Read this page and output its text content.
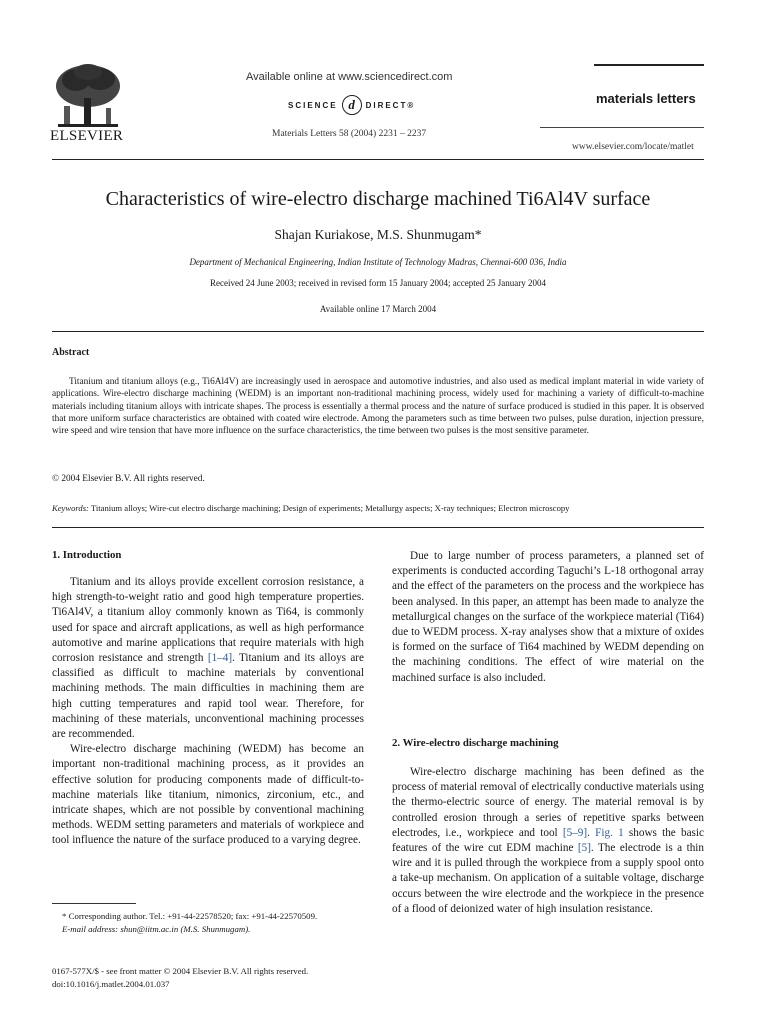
ELSEVIER
Available online at www.sciencedirect.com
SCIENCE d	DIRECT®
Materials Letters 58 (2004) 2231 – 2237
materials letters
www.elsevier.com/locate/matlet
Characteristics of wire-electro discharge machined Ti6Al4V surface
Shajan Kuriakose, M.S. Shunmugam*
Department of Mechanical Engineering, Indian Institute of Technology Madras, Chennai-600 036, India
Received 24 June 2003; received in revised form 15 January 2004; accepted 25 January 2004
Available online 17 March 2004
Abstract
Titanium and titanium alloys (e.g., Ti6Al4V) are increasingly used in aerospace and automotive industries, and also used as medical implant material in wide variety of applications. Wire-electro discharge machining (WEDM) is an important non-traditional machining process, widely used for machining a variety of difficult-to-machine materials including titanium alloys with intricate shapes. The process is essentially a thermal process and the nature of surface produced is studied in this paper. It is observed that more uniform surface characteristics are obtained with coated wire electrode. Among the parameters such as time between two pulses, pulse duration, injection pressure, wire speed and wire tension that have more influence on the surface characteristics, the time between two pulses is the most sensitive parameter.
© 2004 Elsevier B.V. All rights reserved.
Keywords: Titanium alloys; Wire-cut electro discharge machining; Design of experiments; Metallurgy aspects; X-ray techniques; Electron microscopy
1. Introduction

Titanium and its alloys provide excellent corrosion resistance, a high strength-to-weight ratio and good high temperature properties. Ti6Al4V, a titanium alloy commonly known as Ti64, is commonly used for space and aircraft applications, as well as high performance automotive and marine applications that require materials with high corrosion resistance and strength [1–4]. Titanium and its alloys are classified as difficult to machine materials by conventional machining methods. The main difficulties in machining them are high cutting temperatures and rapid tool wear. Therefore, for machining of these materials, unconventional machining processes are recommended.

Wire-electro discharge machining (WEDM) has become an important non-traditional machining process, as it provides an effective solution for producing components made of difficult-to-machine materials like titanium, nimonics, zirconium, etc., and intricate shapes, which are not possible by conventional machining methods. WEDM setting parameters and materials of workpiece and tool influence the nature of the surface produced to a varying degree.

* Corresponding author. Tel.: +91-44-22578520; fax: +91-44-22570509.
E-mail address: shun@iitm.ac.in (M.S. Shunmugam).
0167-577X/$ - see front matter © 2004 Elsevier B.V. All rights reserved.
doi:10.1016/j.matlet.2004.01.037

Due to large number of process parameters, a planned set of experiments is conducted according Taguchi’s L-18 orthogonal array and the effect of the parameters on the process and the workpiece has been analysed. In this paper, an attempt has been made to analyze the metallurgical changes on the surface of the workpiece material (Ti64) due to WEDM process. X-ray analyses show that a mixture of oxides is formed on the surface of Ti64 machined by WEDM depending on the machining conditions. The effect of wire material on the machined surface is also included.

2. Wire-electro discharge machining

Wire-electro discharge machining has been defined as the process of material removal of electrically conductive materials using the thermo-electric source of energy. The material removal is by controlled erosion through a series of repetitive sparks between electrodes, i.e., workpiece and tool [5–9]. Fig. 1 shows the basic features of the wire cut EDM machine [5]. The electrode is a thin wire and it is pulled through the workpiece from a supply spool onto a take-up mechanism. On application of a suitable voltage, discharge occurs between the wire electrode and the workpiece in the presence of a flood of deionized water of high insulation resistance.
